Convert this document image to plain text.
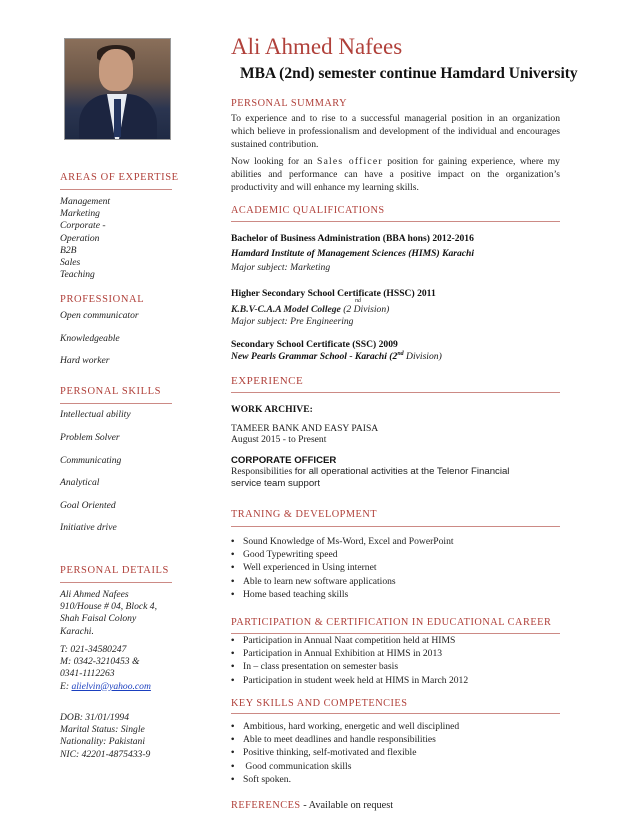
Ali Ahmed Nafees
MBA (2nd) semester continue Hamdard University
AREAS OF EXPERTISE
Management
Marketing
Corporate -
Operation
B2B
Sales
Teaching
PROFESSIONAL
Open communicator
Knowledgeable
Hard worker
PERSONAL SKILLS
Intellectual ability
Problem Solver
Communicating
Analytical
Goal Oriented
Initiative drive
PERSONAL DETAILS
Ali Ahmed Nafees
910/House # 04, Block 4,
Shah Faisal Colony
Karachi.
T: 021-34580247
M: 0342-3210453 &
0341-1112263
E: alielvin@yahoo.com
DOB: 31/01/1994
Marital Status: Single
Nationality: Pakistani
NIC: 42201-4875433-9
PERSONAL SUMMARY
To experience and to rise to a successful managerial position in an organization which believe in professionalism and development of the individual and encourages sustained contribution.
Now looking for an Sales officer position for gaining experience, where my abilities and performance can have a positive impact on the organization’s productivity and will enhance my learning skills.
ACADEMIC QUALIFICATIONS
Bachelor of Business Administration (BBA hons) 2012-2016
Hamdard Institute of Management Sciences (HIMS) Karachi
Major subject: Marketing
Higher Secondary School Certificate (HSSC) 2011
nd
K.B.V-C.A.A Model College (2 Division)
Major subject: Pre Engineering
Secondary School Certificate (SSC) 2009
New Pearls Grammar School - Karachi (2nd Division)
EXPERIENCE
WORK ARCHIVE:
TAMEER BANK AND EASY PAISA
August 2015 - to Present
CORPORATE OFFICER
Responsibilities for all operational activities at the Telenor Financial service team support
TRANING & DEVELOPMENT
• Sound Knowledge of Ms-Word, Excel and PowerPoint
• Good Typewriting speed
• Well experienced in Using internet
• Able to learn new software applications
• Home based teaching skills
PARTICIPATION & CERTIFICATION IN EDUCATIONAL CAREER
• Participation in Annual Naat competition held at HIMS
• Participation in Annual Exhibition at HIMS in 2013
• In – class presentation on semester basis
• Participation in student week held at HIMS in March 2012
KEY SKILLS AND COMPETENCIES
• Ambitious, hard working, energetic and well disciplined
• Able to meet deadlines and handle responsibilities
• Positive thinking, self-motivated and flexible
• Good communication skills
• Soft spoken.
REFERENCES - Available on request
